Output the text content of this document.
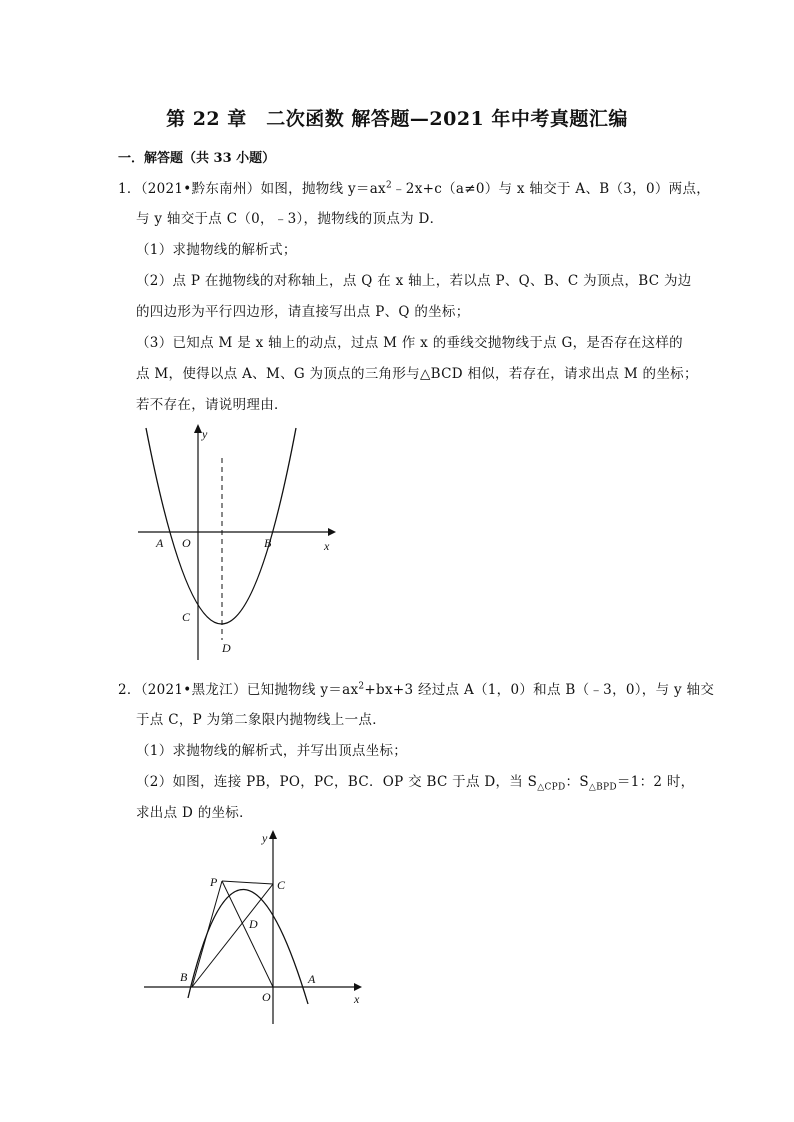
第 22 章　二次函数 解答题—2021 年中考真题汇编
一．解答题（共 33 小题）
1．（2021•黔东南州）如图，抛物线 $y=ax^2﹣2x+c(a\ne 0)$与 x 轴交于 A、B（3，0）两点，
与 y 轴交于点 C（0，﹣3），抛物线的顶点为 D．
（1）求抛物线的解析式；
（2）点 P 在抛物线的对称轴上，点 Q 在 x 轴上，若以点 P、Q、B、C 为顶点，BC 为边
的四边形为平行四边形，请直接写出点 P、Q 的坐标；
（3）已知点 M 是 x 轴上的动点，过点 M 作 x 的垂线交抛物线于点 G，是否存在这样的
点 M，使得以点 A、M、G 为顶点的三角形与△BCD 相似，若存在，请求出点 M 的坐标；
若不存在，请说明理由．
y
x
A O	B
C
D
2．（2021•黑龙江）已知抛物线 $y=ax^2+bx+3$ 经过点 A（1，0）和点 B（﹣3，0），与 y 轴交
于点 C，P 为第二象限内抛物线上一点．
（1）求抛物线的解析式，并写出顶点坐标；
（2）如图，连接 PB，PO，PC，BC．OP 交 BC 于点 D，当 $S_{\triangle CPD}$：$S_{\triangle BPD}=1$：2 时，
求出点 D 的坐标．
y
x
P	C
D
B
O
A
